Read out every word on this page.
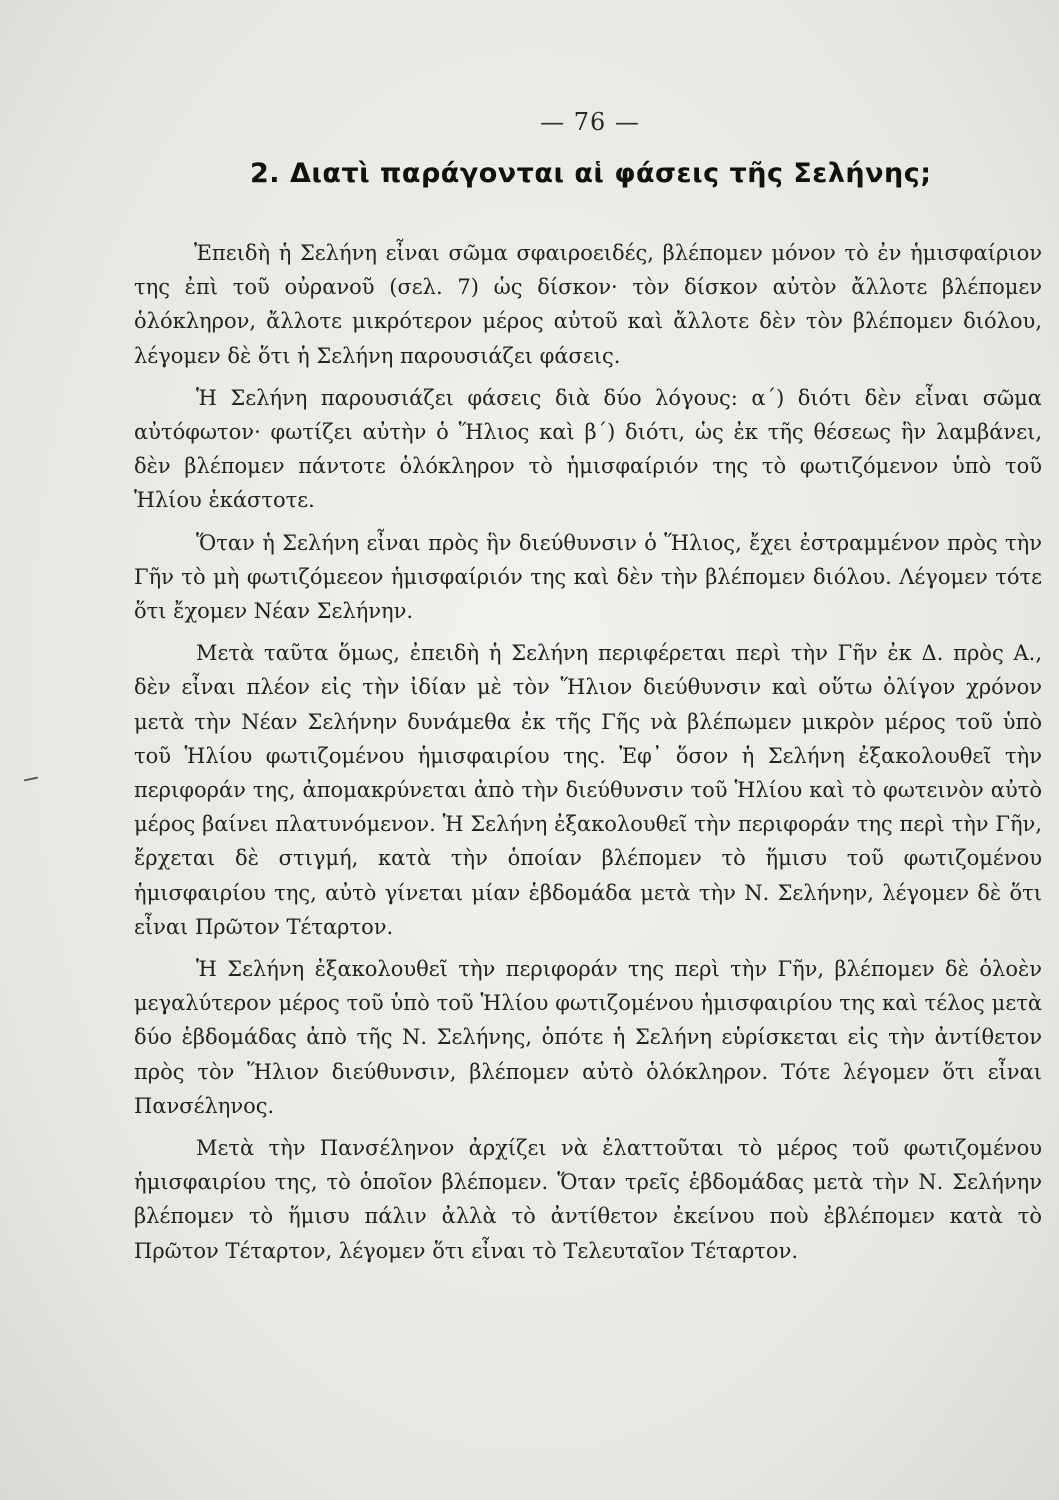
— 76 —
2. Διατὶ παράγονται αἱ φάσεις τῆς Σελήνης;

Ἐπειδὴ ἡ Σελήνη εἶναι σῶμα σφαιροειδές, βλέπομεν μόνον τὸ ἐν ἡμισφαίριον της ἐπὶ τοῦ οὐρανοῦ (σελ. 7) ὡς δίσκον· τὸν δίσκον αὐτὸν ἄλλοτε βλέπομεν ὁλόκληρον, ἄλλοτε μικρότερον μέρος αὐτοῦ καὶ ἄλλοτε δὲν τὸν βλέπομεν διόλου, λέγομεν δὲ ὅτι ἡ Σελήνη παρουσιάζει φάσεις.

Ἡ Σελήνη παρουσιάζει φάσεις διὰ δύο λόγους: α΄) διότι δὲν εἶναι σῶμα αὐτόφωτον· φωτίζει αὐτὴν ὁ Ἥλιος καὶ β΄) διότι, ὡς ἐκ τῆς θέσεως ἣν λαμβάνει, δὲν βλέπομεν πάντοτε ὁλόκληρον τὸ ἡμισφαίριόν της τὸ φωτιζόμενον ὑπὸ τοῦ Ἡλίου ἑκάστοτε.

Ὅταν ἡ Σελήνη εἶναι πρὸς ἣν διεύθυνσιν ὁ Ἥλιος, ἔχει ἐστραμμένον πρὸς τὴν Γῆν τὸ μὴ φωτιζόμεεον ἡμισφαίριόν της καὶ δὲν τὴν βλέπομεν διόλου. Λέγομεν τότε ὅτι ἔχομεν Νέαν Σελήνην.

Μετὰ ταῦτα ὅμως, ἐπειδὴ ἡ Σελήνη περιφέρεται περὶ τὴν Γῆν ἐκ Δ. πρὸς Α., δὲν εἶναι πλέον εἰς τὴν ἰδίαν μὲ τὸν Ἥλιον διεύθυνσιν καὶ οὕτω ὀλίγον χρόνον μετὰ τὴν Νέαν Σελήνην δυνάμεθα ἐκ τῆς Γῆς νὰ βλέπωμεν μικρὸν μέρος τοῦ ὑπὸ τοῦ Ἡλίου φωτιζομένου ἡμισφαιρίου της. Ἐφ᾿ ὅσον ἡ Σελήνη ἐξακολουθεῖ τὴν περιφοράν της, ἀπομακρύνεται ἀπὸ τὴν διεύθυνσιν τοῦ Ἡλίου καὶ τὸ φωτεινὸν αὐτὸ μέρος βαίνει πλατυνόμενον. Ἡ Σελήνη ἐξακολουθεῖ τὴν περιφοράν της περὶ τὴν Γῆν, ἔρχεται δὲ στιγμή, κατὰ τὴν ὁποίαν βλέπομεν τὸ ἥμισυ τοῦ φωτιζομένου ἡμισφαιρίου της, αὐτὸ γίνεται μίαν ἑβδομάδα μετὰ τὴν Ν. Σελήνην, λέγομεν δὲ ὅτι εἶναι Πρῶτον Τέταρτον.

Ἡ Σελήνη ἐξακολουθεῖ τὴν περιφοράν της περὶ τὴν Γῆν, βλέπομεν δὲ ὁλοὲν μεγαλύτερον μέρος τοῦ ὑπὸ τοῦ Ἡλίου φωτιζομένου ἡμισφαιρίου της καὶ τέλος μετὰ δύο ἑβδομάδας ἀπὸ τῆς Ν. Σελήνης, ὁπότε ἡ Σελήνη εὑρίσκεται εἰς τὴν ἀντίθετον πρὸς τὸν Ἥλιον διεύθυνσιν, βλέπομεν αὐτὸ ὁλόκληρον. Τότε λέγομεν ὅτι εἶναι Πανσέληνος.

Μετὰ τὴν Πανσέληνον ἀρχίζει νὰ ἐλαττοῦται τὸ μέρος τοῦ φωτιζομένου ἡμισφαιρίου της, τὸ ὁποῖον βλέπομεν. Ὅταν τρεῖς ἑβδομάδας μετὰ τὴν Ν. Σελήνην βλέπομεν τὸ ἥμισυ πάλιν ἀλλὰ τὸ ἀντίθετον ἐκείνου ποὺ ἐβλέπομεν κατὰ τὸ Πρῶτον Τέταρτον, λέγομεν ὅτι εἶναι τὸ Τελευταῖον Τέταρτον.
